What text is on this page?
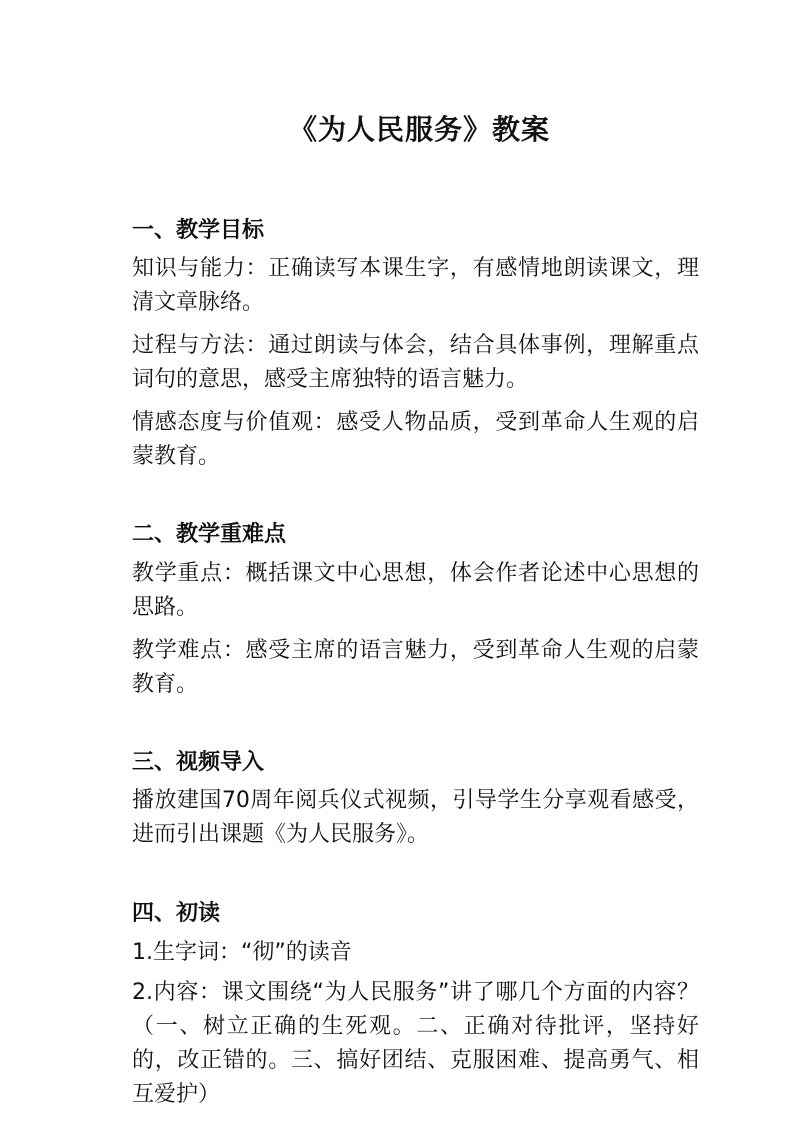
《为人民服务》教案
一、教学目标

知识与能力：正确读写本课生字，有感情地朗读课文，理清文章脉络。

过程与方法：通过朗读与体会，结合具体事例，理解重点词句的意思，感受主席独特的语言魅力。

情感态度与价值观：感受人物品质，受到革命人生观的启蒙教育。

二、教学重难点

教学重点：概括课文中心思想，体会作者论述中心思想的思路。

教学难点：感受主席的语言魅力，受到革命人生观的启蒙教育。

三、视频导入

播放建国70周年阅兵仪式视频，引导学生分享观看感受，进而引出课题《为人民服务》。

四、初读

1.生字词：“彻”的读音

2.内容：课文围绕“为人民服务”讲了哪几个方面的内容？（一、树立正确的生死观。二、正确对待批评，坚持好的，改正错的。三、搞好团结、克服困难、提高勇气、相互爱护）
